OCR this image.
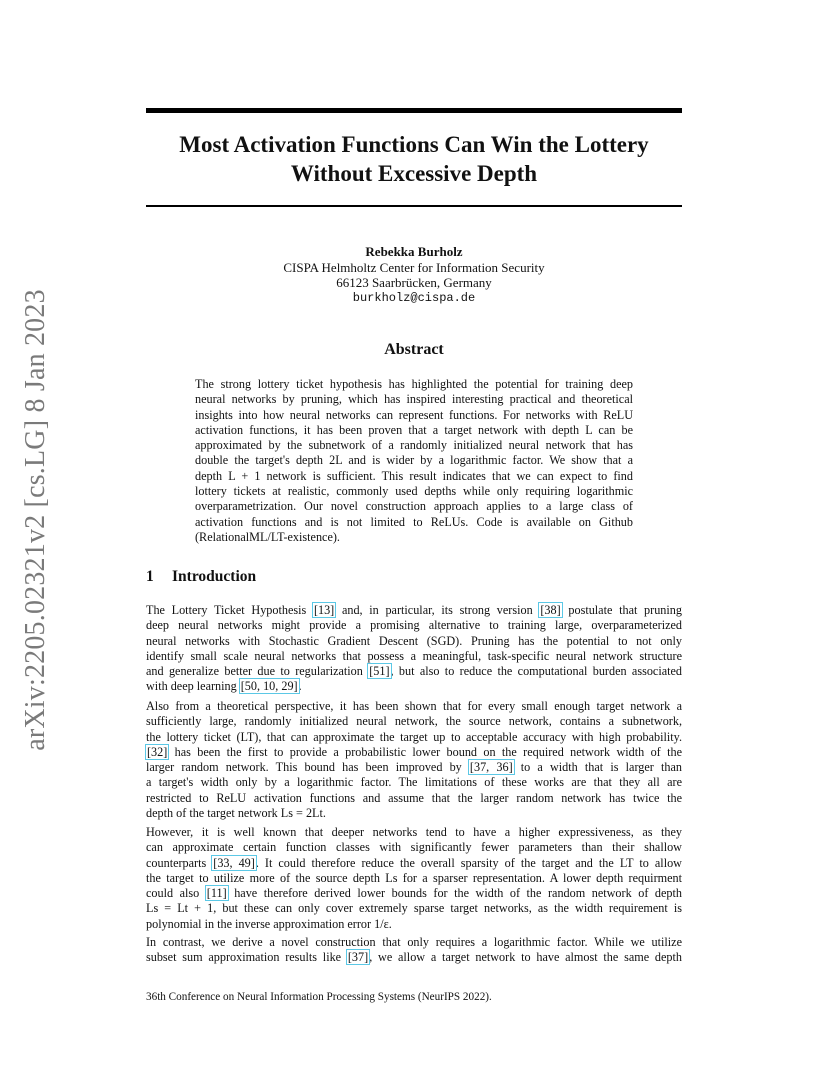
arXiv:2205.02321v2 [cs.LG] 8 Jan 2023
Most Activation Functions Can Win the Lottery
Without Excessive Depth
Rebekka Burholz
CISPA Helmholtz Center for Information Security
66123 Saarbrücken, Germany
burkholz@cispa.de
Abstract
The strong lottery ticket hypothesis has highlighted the potential for training deep
neural networks by pruning, which has inspired interesting practical and theoretical
insights into how neural networks can represent functions. For networks with ReLU
activation functions, it has been proven that a target network with depth L can be
approximated by the subnetwork of a randomly initialized neural network that has
double the target's depth 2L and is wider by a logarithmic factor. We show that a
depth L + 1 network is sufficient. This result indicates that we can expect to find
lottery tickets at realistic, commonly used depths while only requiring logarithmic
overparametrization. Our novel construction approach applies to a large class of
activation functions and is not limited to ReLUs. Code is available on Github
(RelationalML/LT-existence).
1 Introduction
The Lottery Ticket Hypothesis [13] and, in particular, its strong version [38] postulate that pruning
deep neural networks might provide a promising alternative to training large, overparameterized
neural networks with Stochastic Gradient Descent (SGD). Pruning has the potential to not only
identify small scale neural networks that possess a meaningful, task-specific neural network structure
and generalize better due to regularization [51], but also to reduce the computational burden associated
with deep learning [50, 10, 29].
Also from a theoretical perspective, it has been shown that for every small enough target network a
sufficiently large, randomly initialized neural network, the source network, contains a subnetwork,
the lottery ticket (LT), that can approximate the target up to acceptable accuracy with high probability.
[32] has been the first to provide a probabilistic lower bound on the required network width of the
larger random network. This bound has been improved by [37, 36] to a width that is larger than
a target's width only by a logarithmic factor. The limitations of these works are that they all are
restricted to ReLU activation functions and assume that the larger random network has twice the
depth of the target network Ls = 2Lt.
However, it is well known that deeper networks tend to have a higher expressiveness, as they
can approximate certain function classes with significantly fewer parameters than their shallow
counterparts [33, 49]. It could therefore reduce the overall sparsity of the target and the LT to allow
the target to utilize more of the source depth Ls for a sparser representation. A lower depth requirment
could also [11] have therefore derived lower bounds for the width of the random network of depth
Ls = Lt + 1, but these can only cover extremely sparse target networks, as the width requirement is
polynomial in the inverse approximation error 1/ε.
In contrast, we derive a novel construction that only requires a logarithmic factor. While we utilize
subset sum approximation results like [37], we allow a target network to have almost the same depth
36th Conference on Neural Information Processing Systems (NeurIPS 2022).
